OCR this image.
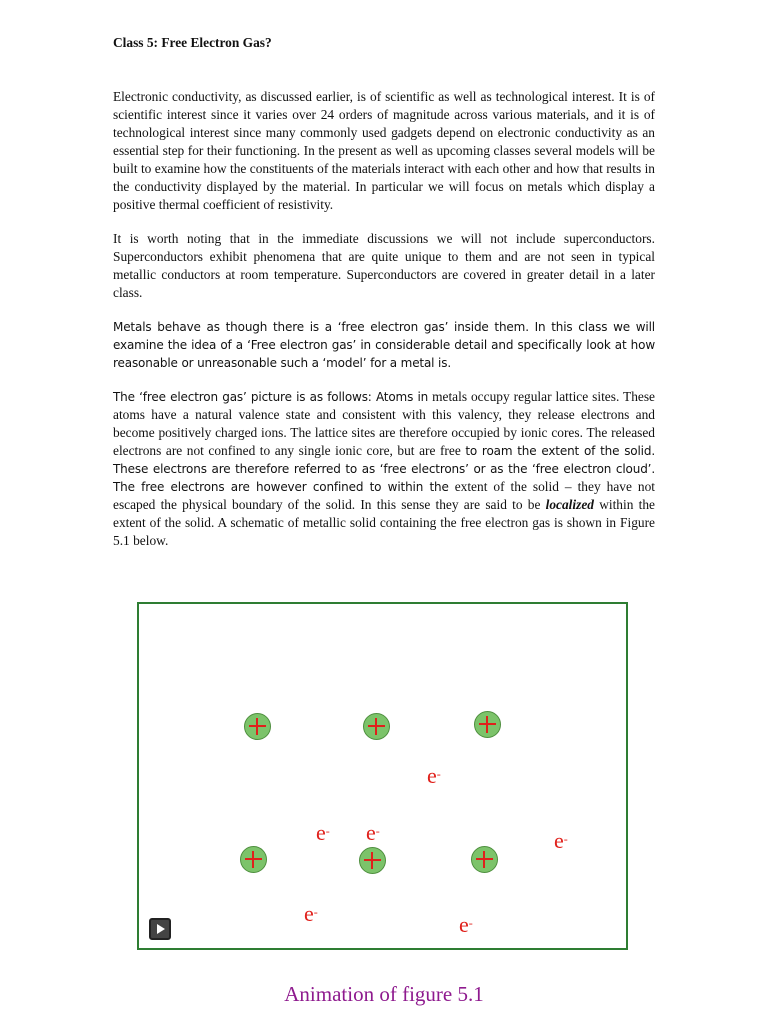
Class 5: Free Electron Gas?

Electronic conductivity, as discussed earlier, is of scientific as well as technological interest. It is of scientific interest since it varies over 24 orders of magnitude across various materials, and it is of technological interest since many commonly used gadgets depend on electronic conductivity as an essential step for their functioning. In the present as well as upcoming classes several models will be built to examine how the constituents of the materials interact with each other and how that results in the conductivity displayed by the material. In particular we will focus on metals which display a positive thermal coefficient of resistivity.

It is worth noting that in the immediate discussions we will not include superconductors. Superconductors exhibit phenomena that are quite unique to them and are not seen in typical metallic conductors at room temperature. Superconductors are covered in greater detail in a later class.

Metals behave as though there is a ‘free electron gas’ inside them. In this class we will examine the idea of a ‘Free electron gas’ in considerable detail and specifically look at how reasonable or unreasonable such a ‘model’ for a metal is.

The ‘free electron gas’ picture is as follows: Atoms in metals occupy regular lattice sites. These atoms have a natural valence state and consistent with this valency, they release electrons and become positively charged ions. The lattice sites are therefore occupied by ionic cores. The released electrons are not confined to any single ionic core, but are free to roam the extent of the solid. These electrons are therefore referred to as ‘free electrons’ or as the ‘free electron cloud’. The free electrons are however confined to within the extent of the solid – they have not escaped the physical boundary of the solid. In this sense they are said to be localized within the extent of the solid. A schematic of metallic solid containing the free electron gas is shown in Figure 5.1 below.

e-
e- e-	e-
e-	e-
Animation of figure 5.1
